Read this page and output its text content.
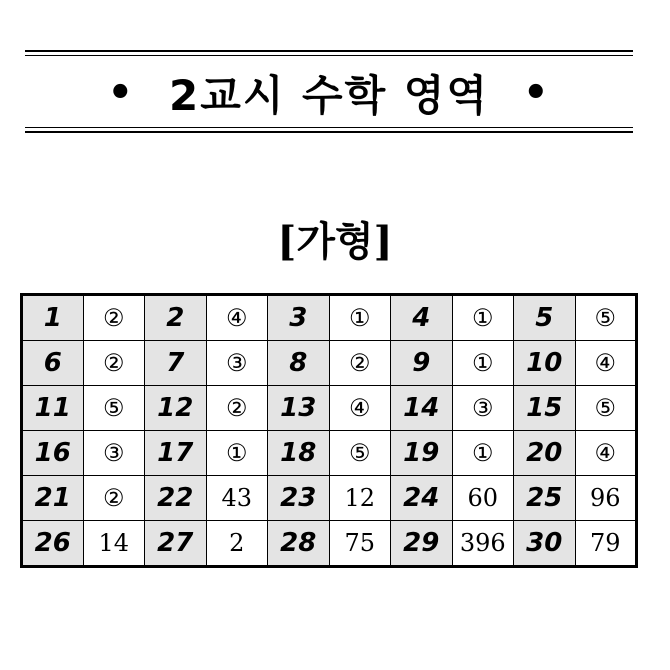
• 2교시 수학 영역 •
[가형]
1	②	2	④	3	①	4	①	5	⑤
6	②	7	③	8	②	9	①	10	④
11	⑤	12	②	13	④	14	③	15	⑤
16	③	17	①	18	⑤	19	①	20	④
21	②	22	43	23	12	24	60	25	96
26	14	27	2	28	75	29	396	30	79
